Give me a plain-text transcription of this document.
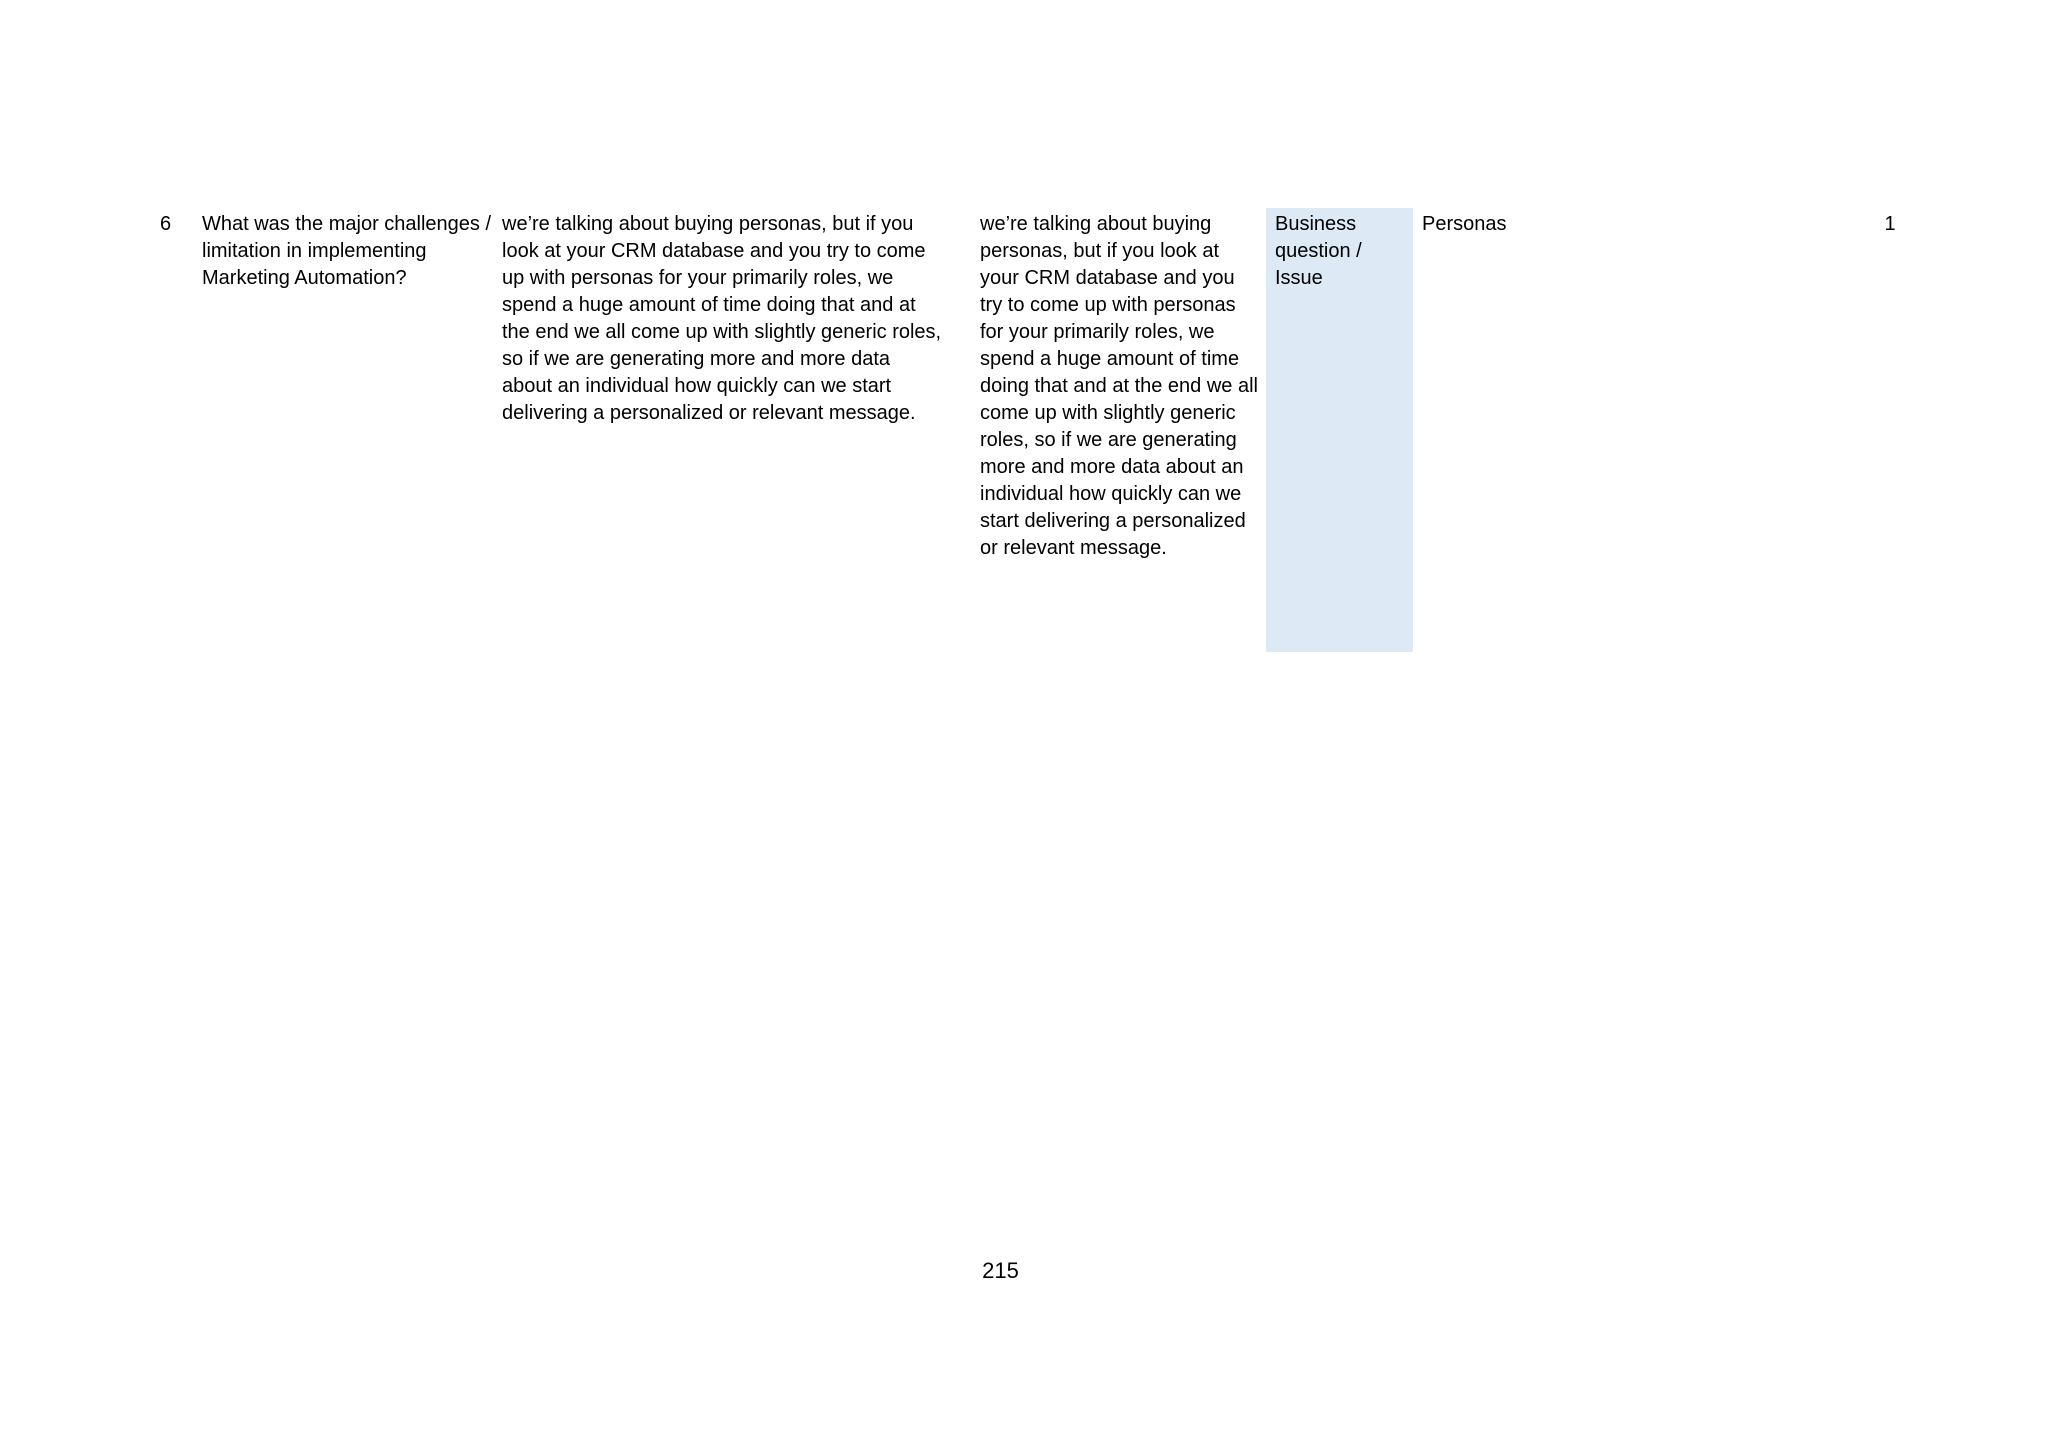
6	What was the major challenges / limitation in implementing Marketing Automation?
we’re talking about buying personas, but if you look at your CRM database and you try to come up with personas for your primarily roles, we spend a huge amount of time doing that and at the end we all come up with slightly generic roles, so if we are generating more and more data about an individual how quickly can we start delivering a personalized or relevant message.
we’re talking about buying personas, but if you look at your CRM database and you try to come up with personas for your primarily roles, we spend a huge amount of time doing that and at the end we all come up with slightly generic roles, so if we are generating more and more data about an individual how quickly can we start delivering a personalized or relevant message.
Business question / Issue
Personas	1
215
